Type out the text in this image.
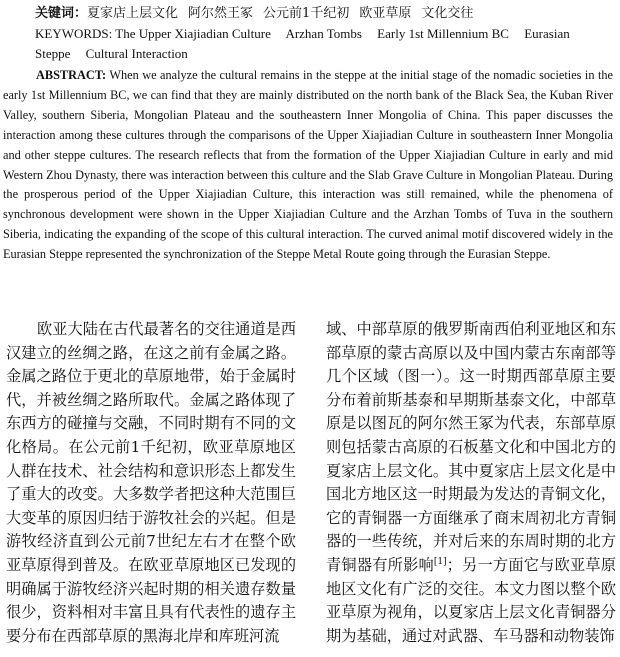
关键词：夏家店上层文化 阿尔然王冢 公元前1千纪初 欧亚草原 文化交往
KEYWORDS: The Upper Xiajiadian Culture Arzhan Tombs Early 1st Millennium BC Eurasian Steppe Cultural Interaction
ABSTRACT: When we analyze the cultural remains in the steppe at the initial stage of the nomadic societies in the early 1st Millennium BC, we can find that they are mainly distributed on the north bank of the Black Sea, the Kuban River Valley, southern Siberia, Mongolian Plateau and the southeastern Inner Mongolia of China. This paper discusses the interaction among these cultures through the comparisons of the Upper Xiajiadian Culture in southeastern Inner Mongolia and other steppe cultures. The research reflects that from the formation of the Upper Xiajiadian Culture in early and mid Western Zhou Dynasty, there was interaction between this culture and the Slab Grave Culture in Mongolian Plateau. During the prosperous period of the Upper Xiajiadian Culture, this interaction was still remained, while the phenomena of synchronous development were shown in the Upper Xiajiadian Culture and the Arzhan Tombs of Tuva in the southern Siberia, indicating the expanding of the scope of this cultural interaction. The curved animal motif discovered widely in the Eurasian Steppe represented the synchronization of the Steppe Metal Route going through the Eurasian Steppe.
欧亚大陆在古代最著名的交往通道是西汉建立的丝绸之路，在这之前有金属之路。金属之路位于更北的草原地带，始于金属时代，并被丝绸之路所取代。金属之路体现了东西方的碰撞与交融，不同时期有不同的文化格局。在公元前1千纪初，欧亚草原地区人群在技术、社会结构和意识形态上都发生了重大的改变。大多数学者把这种大范围巨大变革的原因归结于游牧社会的兴起。但是游牧经济直到公元前7世纪左右才在整个欧亚草原得到普及。在欧亚草原地区已发现的明确属于游牧经济兴起时期的相关遗存数量很少，资料相对丰富且具有代表性的遗存主要分布在西部草原的黑海北岸和库班河流
域、中部草原的俄罗斯南西伯利亚地区和东部草原的蒙古高原以及中国内蒙古东南部等几个区域（图一）。这一时期西部草原主要分布着前斯基泰和早期斯基泰文化，中部草原是以图瓦的阿尔然王冢为代表，东部草原则包括蒙古高原的石板墓文化和中国北方的夏家店上层文化。其中夏家店上层文化是中国北方地区这一时期最为发达的青铜文化，它的青铜器一方面继承了商末周初北方青铜器的一些传统，并对后来的东周时期的北方青铜器有所影响[1]；另一方面它与欧亚草原地区文化有广泛的交往。本文力图以整个欧亚草原为视角，以夏家店上层文化青铜器分期为基础，通过对武器、车马器和动物装饰
